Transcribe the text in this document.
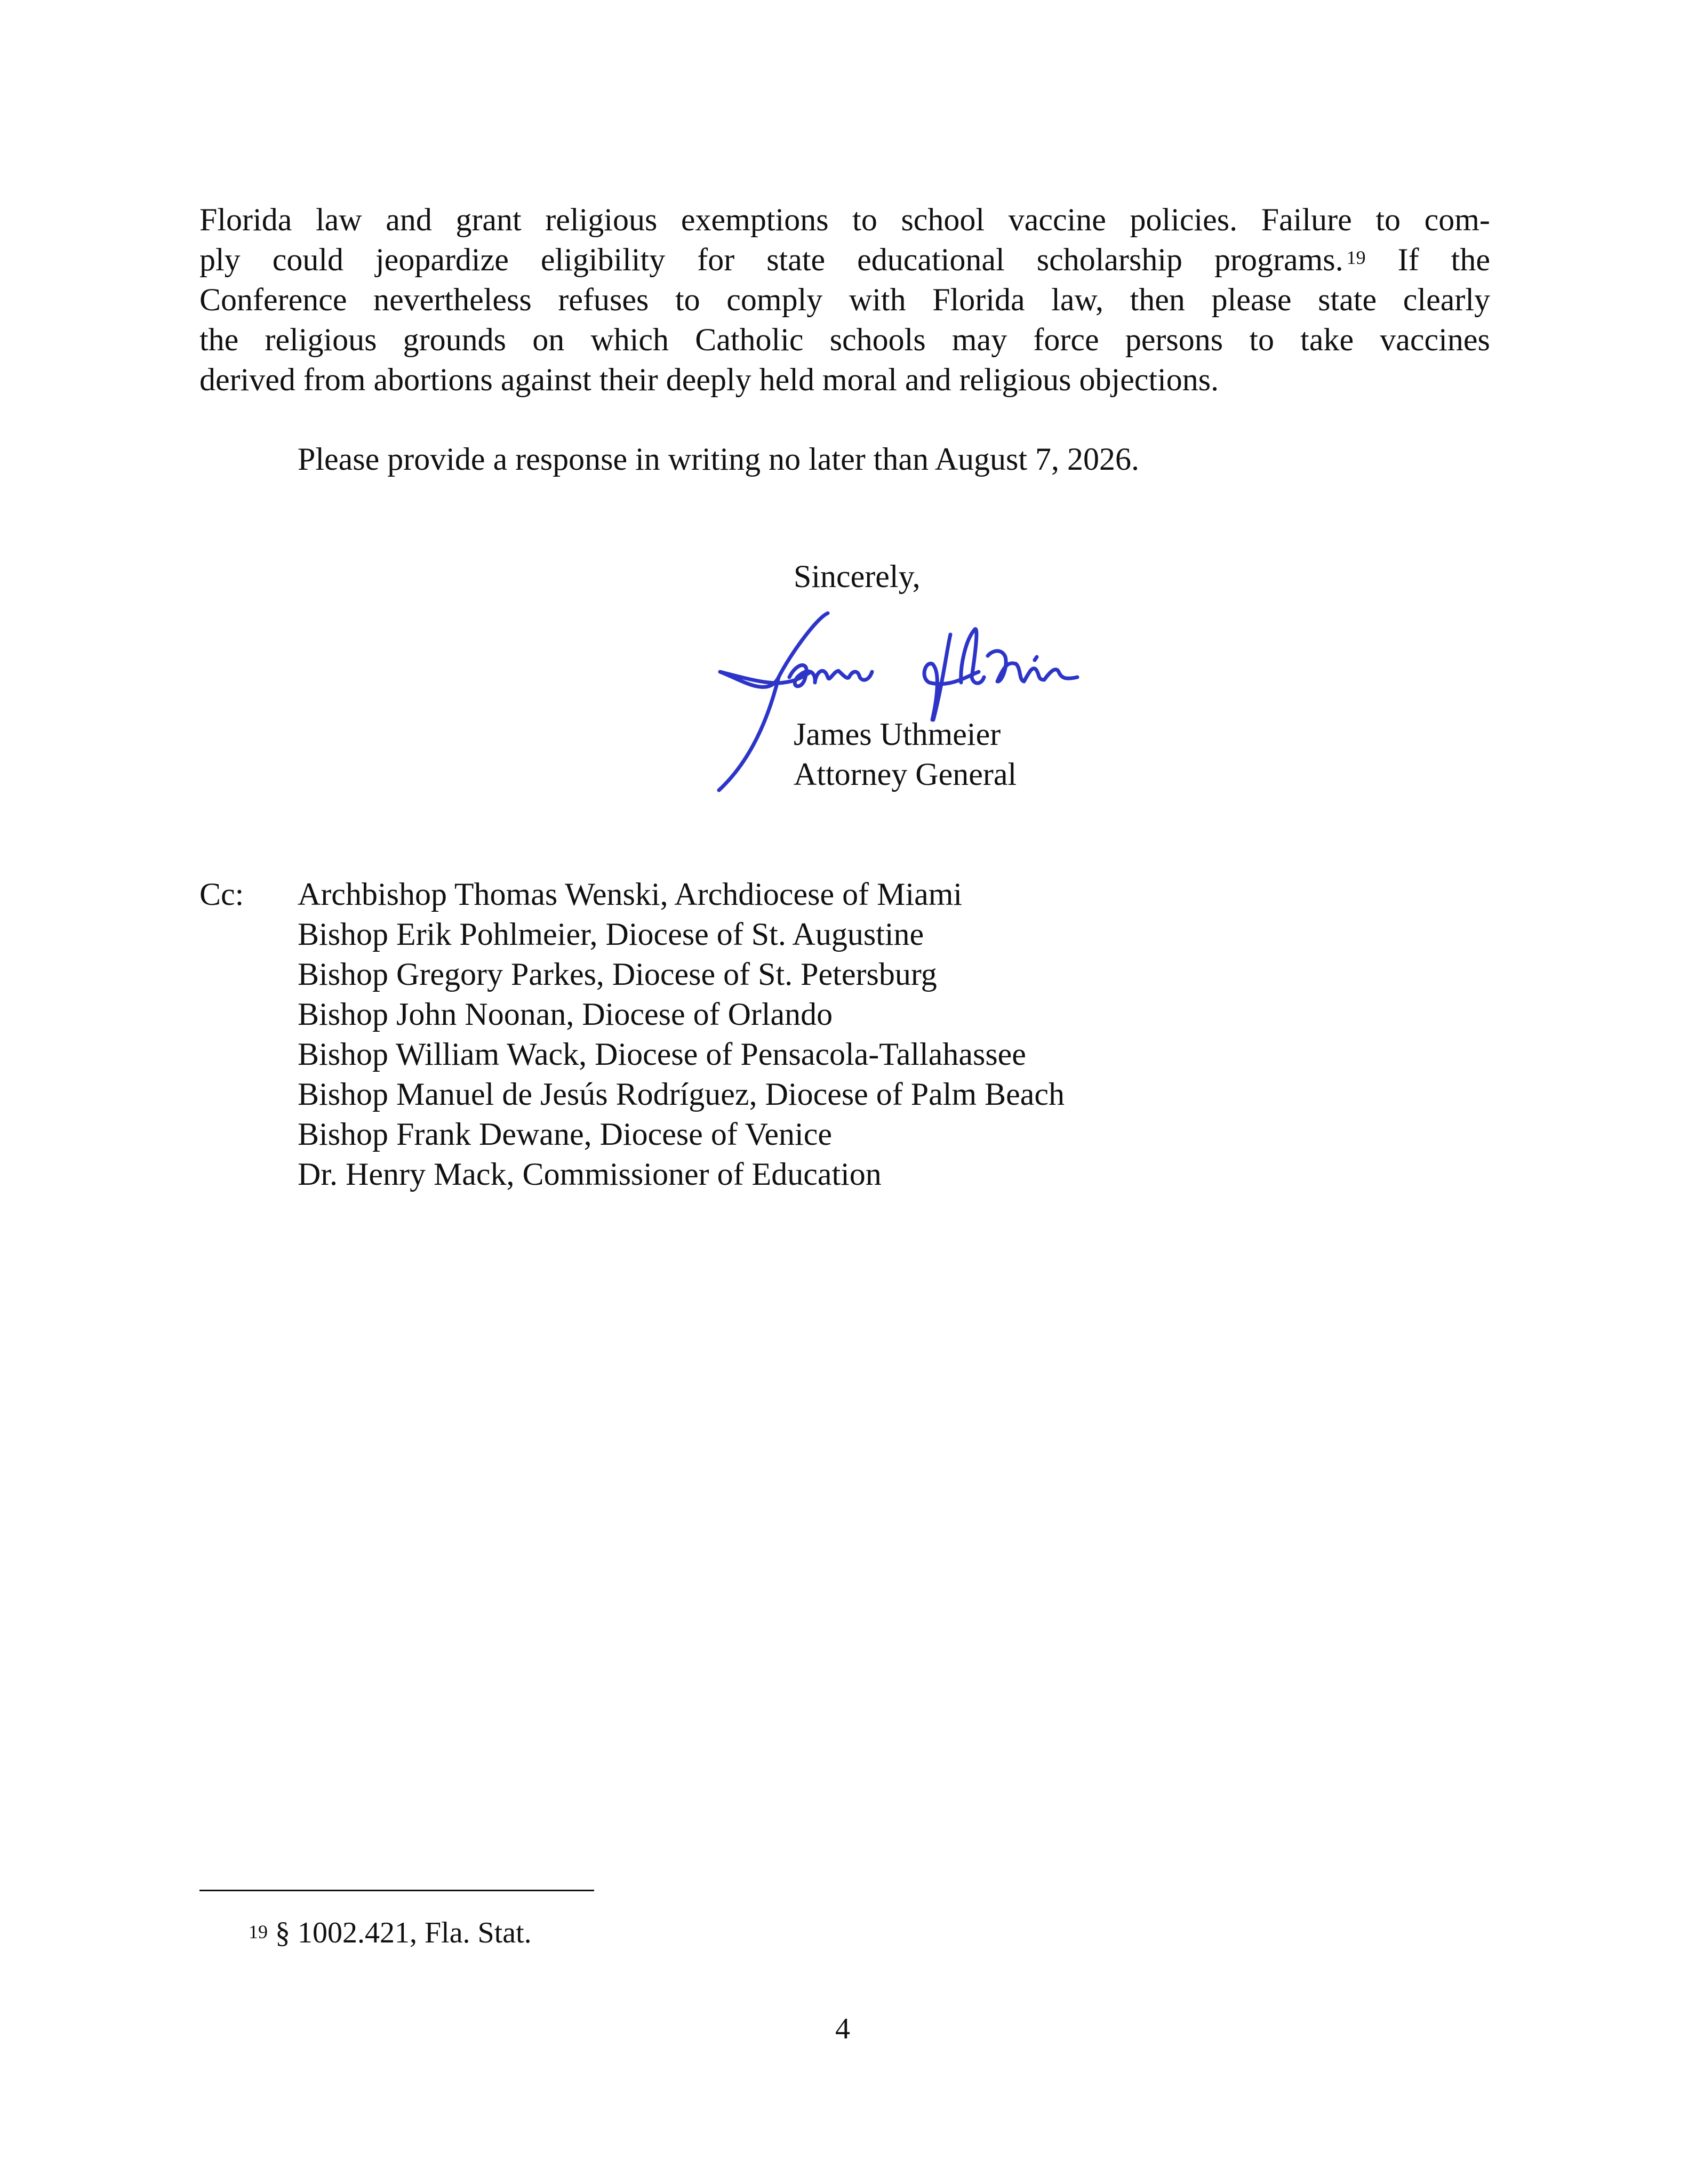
Florida law and grant religious exemptions to school vaccine policies. Failure to com-
ply could jeopardize eligibility for state educational scholarship programs. $^{19}$ If the
Conference nevertheless refuses to comply with Florida law, then please state clearly
the religious grounds on which Catholic schools may force persons to take vaccines
derived from abortions against their deeply held moral and religious objections.
Please provide a response in writing no later than August 7, 2026.
Sincerely,
James Uthmeier
Attorney General
Cc: Archbishop Thomas Wenski, Archdiocese of Miami
Bishop Erik Pohlmeier, Diocese of St. Augustine
Bishop Gregory Parkes, Diocese of St. Petersburg
Bishop John Noonan, Diocese of Orlando
Bishop William Wack, Diocese of Pensacola-Tallahassee
Bishop Manuel de Jesús Rodríguez, Diocese of Palm Beach
Bishop Frank Dewane, Diocese of Venice
Dr. Henry Mack, Commissioner of Education
$^{19}$ § 1002.421, Fla. Stat.
4
